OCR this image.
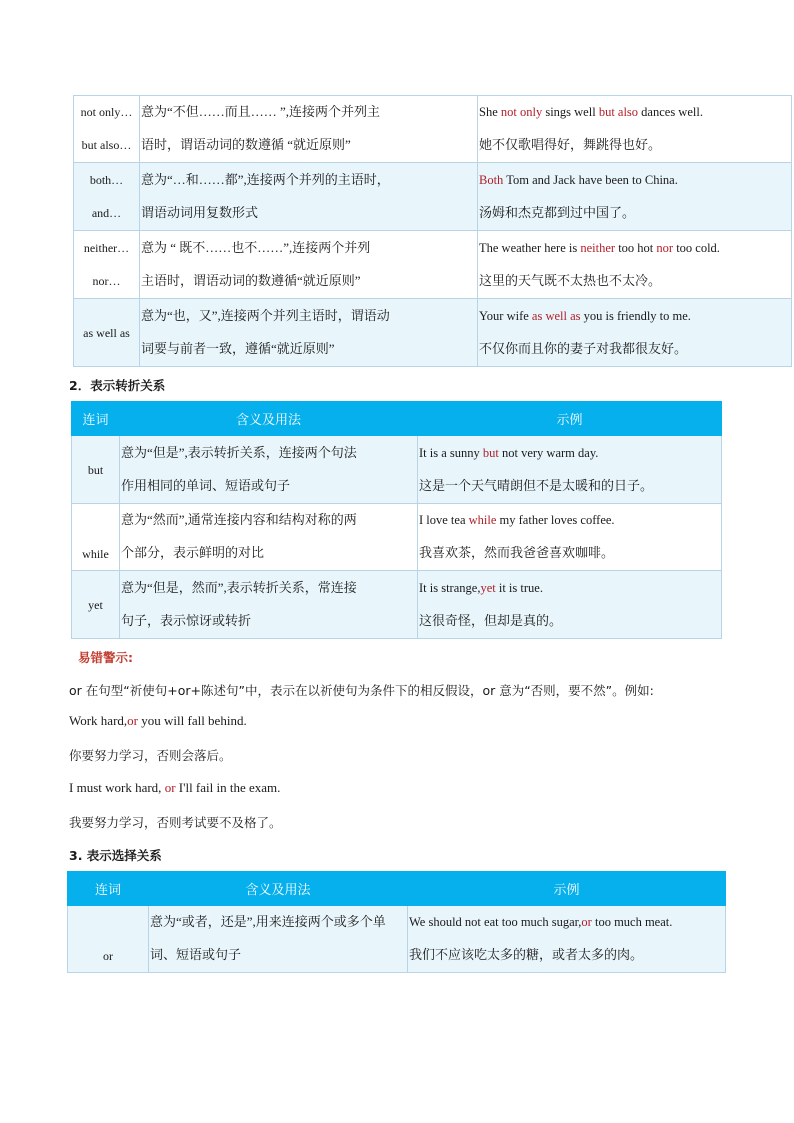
not only…
but also…	意为“不但……而且…… ”,连接两个并列主
语时，谓语动词的数遵循 “就近原则”	She not only sings well but also dances well.
她不仅歌唱得好，舞跳得也好。

both…
and…	意为“…和……都”,连接两个并列的主语时，
谓语动词用复数形式	Both Tom and Jack have been to China.
汤姆和杰克都到过中国了。

neither…
nor…	意为 “ 既不……也不……”,连接两个并列
主语时，谓语动词的数遵循“就近原则”	The weather here is neither too hot nor too cold.
这里的天气既不太热也不太冷。

as well as	意为“也，又”,连接两个并列主语时，谓语动
词要与前者一致，遵循“就近原则”	Your wife as well as you is friendly to me.
不仅你而且你的妻子对我都很友好。
2．表示转折关系
连词	含义及用法	示例
but	意为“但是”,表示转折关系，连接两个句法
作用相同的单词、短语或句子	It is a sunny but not very warm day.
这是一个天气晴朗但不是太暖和的日子。

while	意为“然而”,通常连接内容和结构对称的两
个部分，表示鲜明的对比	I love tea while my father loves coffee.
我喜欢茶，然而我爸爸喜欢咖啡。

yet	意为“但是，然而”,表示转折关系，常连接
句子，表示惊讶或转折	It is strange,yet it is true.
这很奇怪，但却是真的。
易错警示:
or 在句型“祈使句+or+陈述句”中，表示在以祈使句为条件下的相反假设，or 意为“否则，要不然”。例如:
Work hard,or you will fall behind.
你要努力学习，否则会落后。
I must work hard, or I'll fail in the exam.
我要努力学习，否则考试要不及格了。
3. 表示选择关系
连词	含义及用法	示例
or	意为“或者，还是”,用来连接两个或多个单
词、短语或句子	We should not eat too much sugar,or too much meat.
我们不应该吃太多的糖，或者太多的肉。
